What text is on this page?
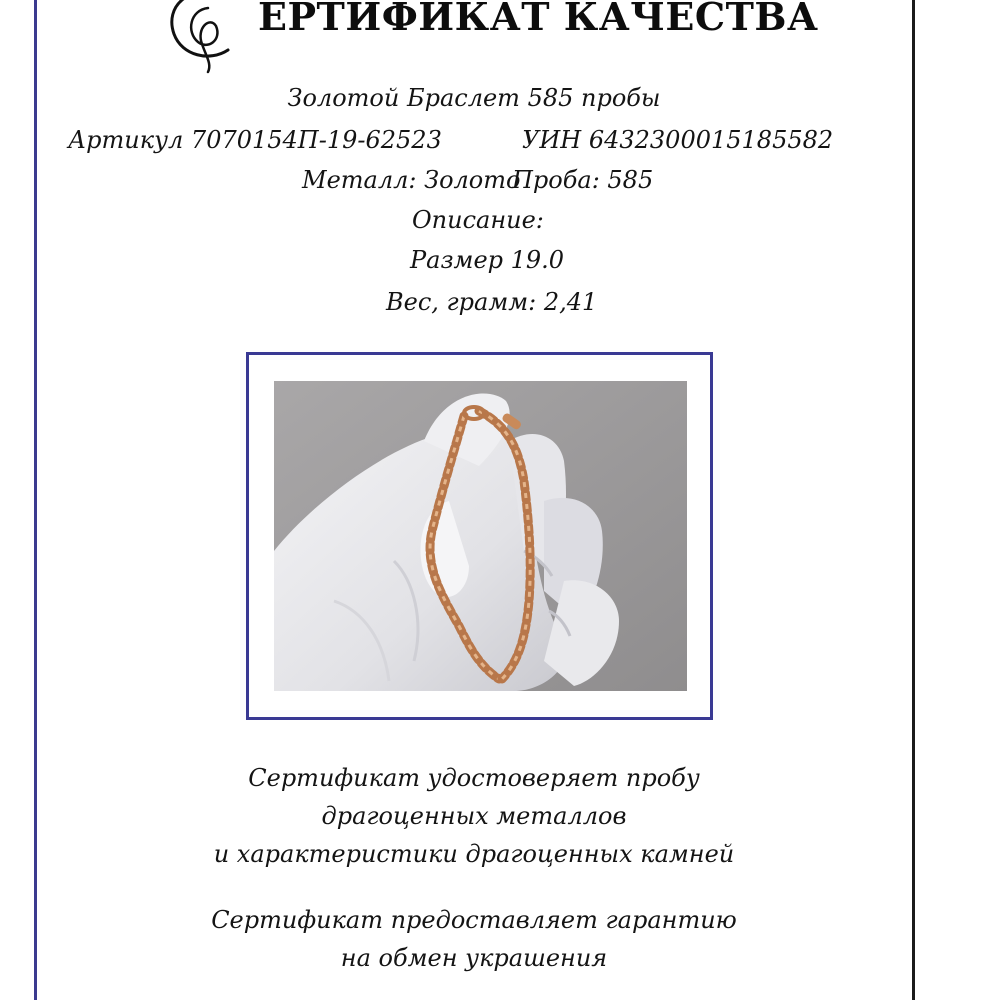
ЕРТИФИКАТ КАЧЕСТВА
Золотой Браслет 585 пробы
Артикул 7070154П-19-62523	УИН 6432300015185582
Металл: Золото
Проба: 585
Описание:
Размер 19.0
Вес, грамм: 2,41
Сертификат удостоверяет пробу
драгоценных металлов
и характеристики драгоценных камней
Сертификат предоставляет гарантию
на обмен украшения
